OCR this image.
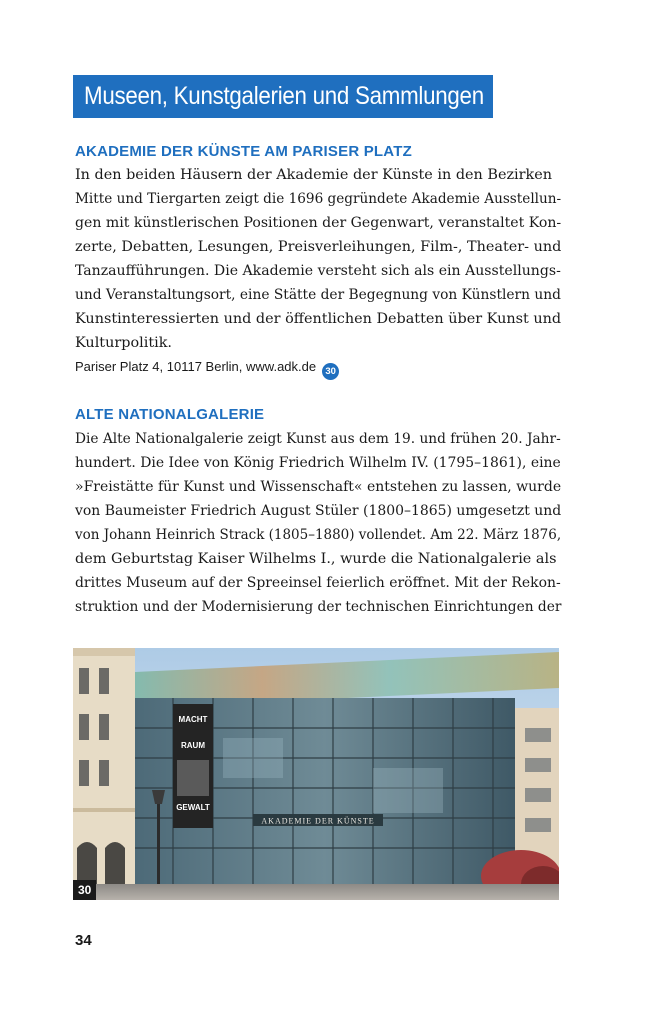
Museen, Kunstgalerien und Sammlungen
AKADEMIE DER KÜNSTE AM PARISER PLATZ
In den beiden Häusern der Akademie der Künste in den Bezirken
Mitte und Tiergarten zeigt die 1696 gegründete Akademie Ausstellun-
gen mit künstlerischen Positionen der Gegenwart, veranstaltet Kon-
zerte, Debatten, Lesungen, Preisverleihungen, Film-, Theater- und
Tanzaufführungen. Die Akademie versteht sich als ein Ausstellungs-
und Veranstaltungsort, eine Stätte der Begegnung von Künstlern und
Kunstinteressierten und der öffentlichen Debatten über Kunst und
Kulturpolitik.
Pariser Platz 4, 10117 Berlin, www.adk.de 30
ALTE NATIONALGALERIE
Die Alte Nationalgalerie zeigt Kunst aus dem 19. und frühen 20. Jahr-
hundert. Die Idee von König Friedrich Wilhelm IV. (1795–1861), eine
»Freistätte für Kunst und Wissenschaft« entstehen zu lassen, wurde
von Baumeister Friedrich August Stüler (1800–1865) umgesetzt und
von Johann Heinrich Strack (1805–1880) vollendet. Am 22. März 1876,
dem Geburtstag Kaiser Wilhelms I., wurde die Nationalgalerie als
drittes Museum auf der Spreeinsel feierlich eröffnet. Mit der Rekon-
struktion und der Modernisierung der technischen Einrichtungen der
MACHT
RAUM
GEWALT
AKADEMIE DER KÜNSTE
30
34
